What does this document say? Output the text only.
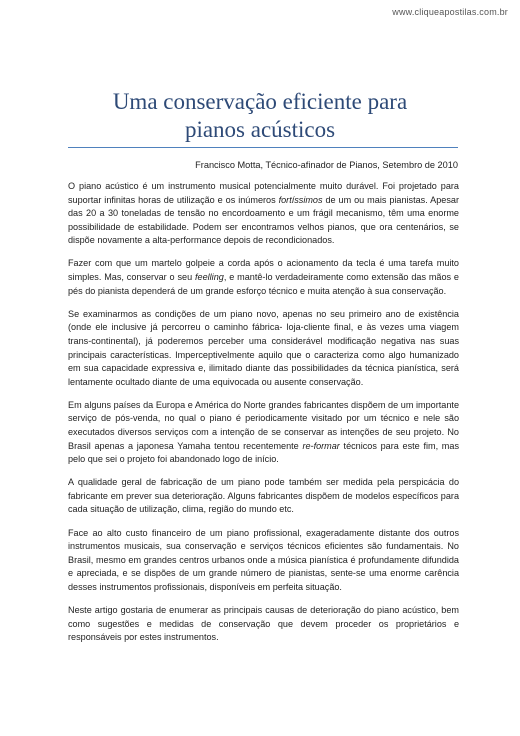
www.cliqueapostilas.com.br
Uma conservação eficiente para
pianos acústicos
Francisco Motta, Técnico-afinador de Pianos, Setembro de 2010

O piano acústico é um instrumento musical potencialmente muito durável. Foi projetado para suportar infinitas horas de utilização e os inúmeros fortíssimos de um ou mais pianistas. Apesar das 20 a 30 toneladas de tensão no encordoamento e um frágil mecanismo, têm uma enorme possibilidade de estabilidade. Podem ser encontramos velhos pianos, que ora centenários, se dispõe novamente a alta-performance depois de recondicionados.

Fazer com que um martelo golpeie a corda após o acionamento da tecla é uma tarefa muito simples. Mas, conservar o seu feelling, e mantê-lo verdadeiramente como extensão das mãos e pés do pianista dependerá de um grande esforço técnico e muita atenção à sua conservação.

Se examinarmos as condições de um piano novo, apenas no seu primeiro ano de existência (onde ele inclusive já percorreu o caminho fábrica- loja-cliente final, e às vezes uma viagem trans-continental), já poderemos perceber uma considerável modificação negativa nas suas principais características. Imperceptivelmente aquilo que o caracteriza como algo humanizado em sua capacidade expressiva e, ilimitado diante das possibilidades da técnica pianística, será lentamente ocultado diante de uma equivocada ou ausente conservação.

Em alguns países da Europa e América do Norte grandes fabricantes dispõem de um importante serviço de pós-venda, no qual o piano é periodicamente visitado por um técnico e nele são executados diversos serviços com a intenção de se conservar as intenções de seu projeto. No Brasil apenas a japonesa Yamaha tentou recentemente re-formar técnicos para este fim, mas pelo que sei o projeto foi abandonado logo de início.

A qualidade geral de fabricação de um piano pode também ser medida pela perspicácia do fabricante em prever sua deterioração. Alguns fabricantes dispõem de modelos específicos para cada situação de utilização, clima, região do mundo etc.

Face ao alto custo financeiro de um piano profissional, exageradamente distante dos outros instrumentos musicais, sua conservação e serviços técnicos eficientes são fundamentais. No Brasil, mesmo em grandes centros urbanos onde a música pianística é profundamente difundida e apreciada, e se dispões de um grande número de pianistas, sente-se uma enorme carência desses instrumentos profissionais, disponíveis em perfeita situação.

Neste artigo gostaria de enumerar as principais causas de deterioração do piano acústico, bem como sugestões e medidas de conservação que devem proceder os proprietários e responsáveis por estes instrumentos.
